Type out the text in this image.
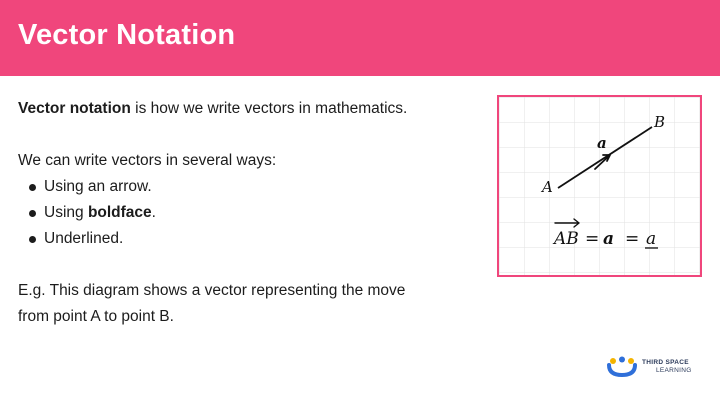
Vector Notation

Vector notation is how we write vectors in mathematics.

We can write vectors in several ways:

Using an arrow.
Using boldface.
Underlined.

E.g. This diagram shows a vector representing the move

from point A to point B.

A
B
a
AB = a = a
THIRD SPACE
LEARNING
